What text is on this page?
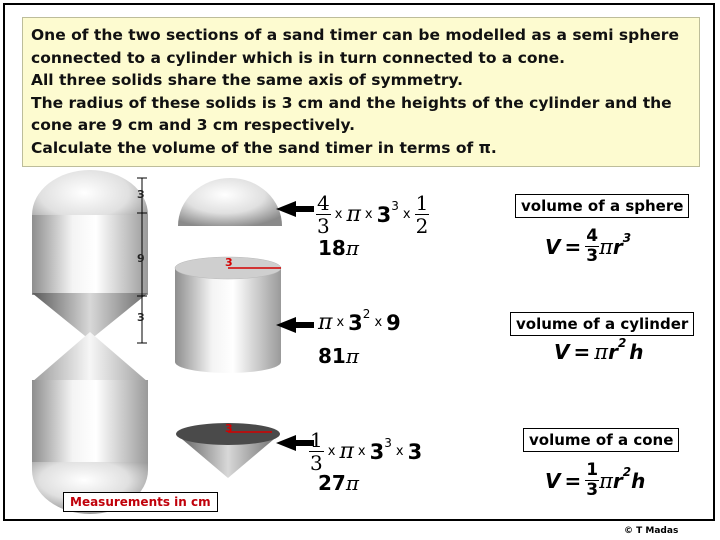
One of the two sections of a sand timer can be modelled as a semi sphere

connected to a cylinder which is in turn connected to a cone.

All three solids share the same axis of symmetry.

The radius of these solids is 3 cm and the heights of the cylinder and the

cone are 9 cm and 3 cm respectively.

Calculate the volume of the sand timer in terms of π.

3
9
3
3
3
$\frac{4}{3}$ x π x $3^3$
x $\frac{1}{2}$
18π
π x $3^2$
x 9
81π
$\frac{1}{3}$ x π x $3^3$
x 3
27π
volume of a sphere
$V = \frac{4}{3}$ π $r^3$
volume of a cylinder
V = π $r^2$ h
volume of a cone
$V = \frac{1}{3}$ π $r^2$ h
Measurements in cm
© T Madas
